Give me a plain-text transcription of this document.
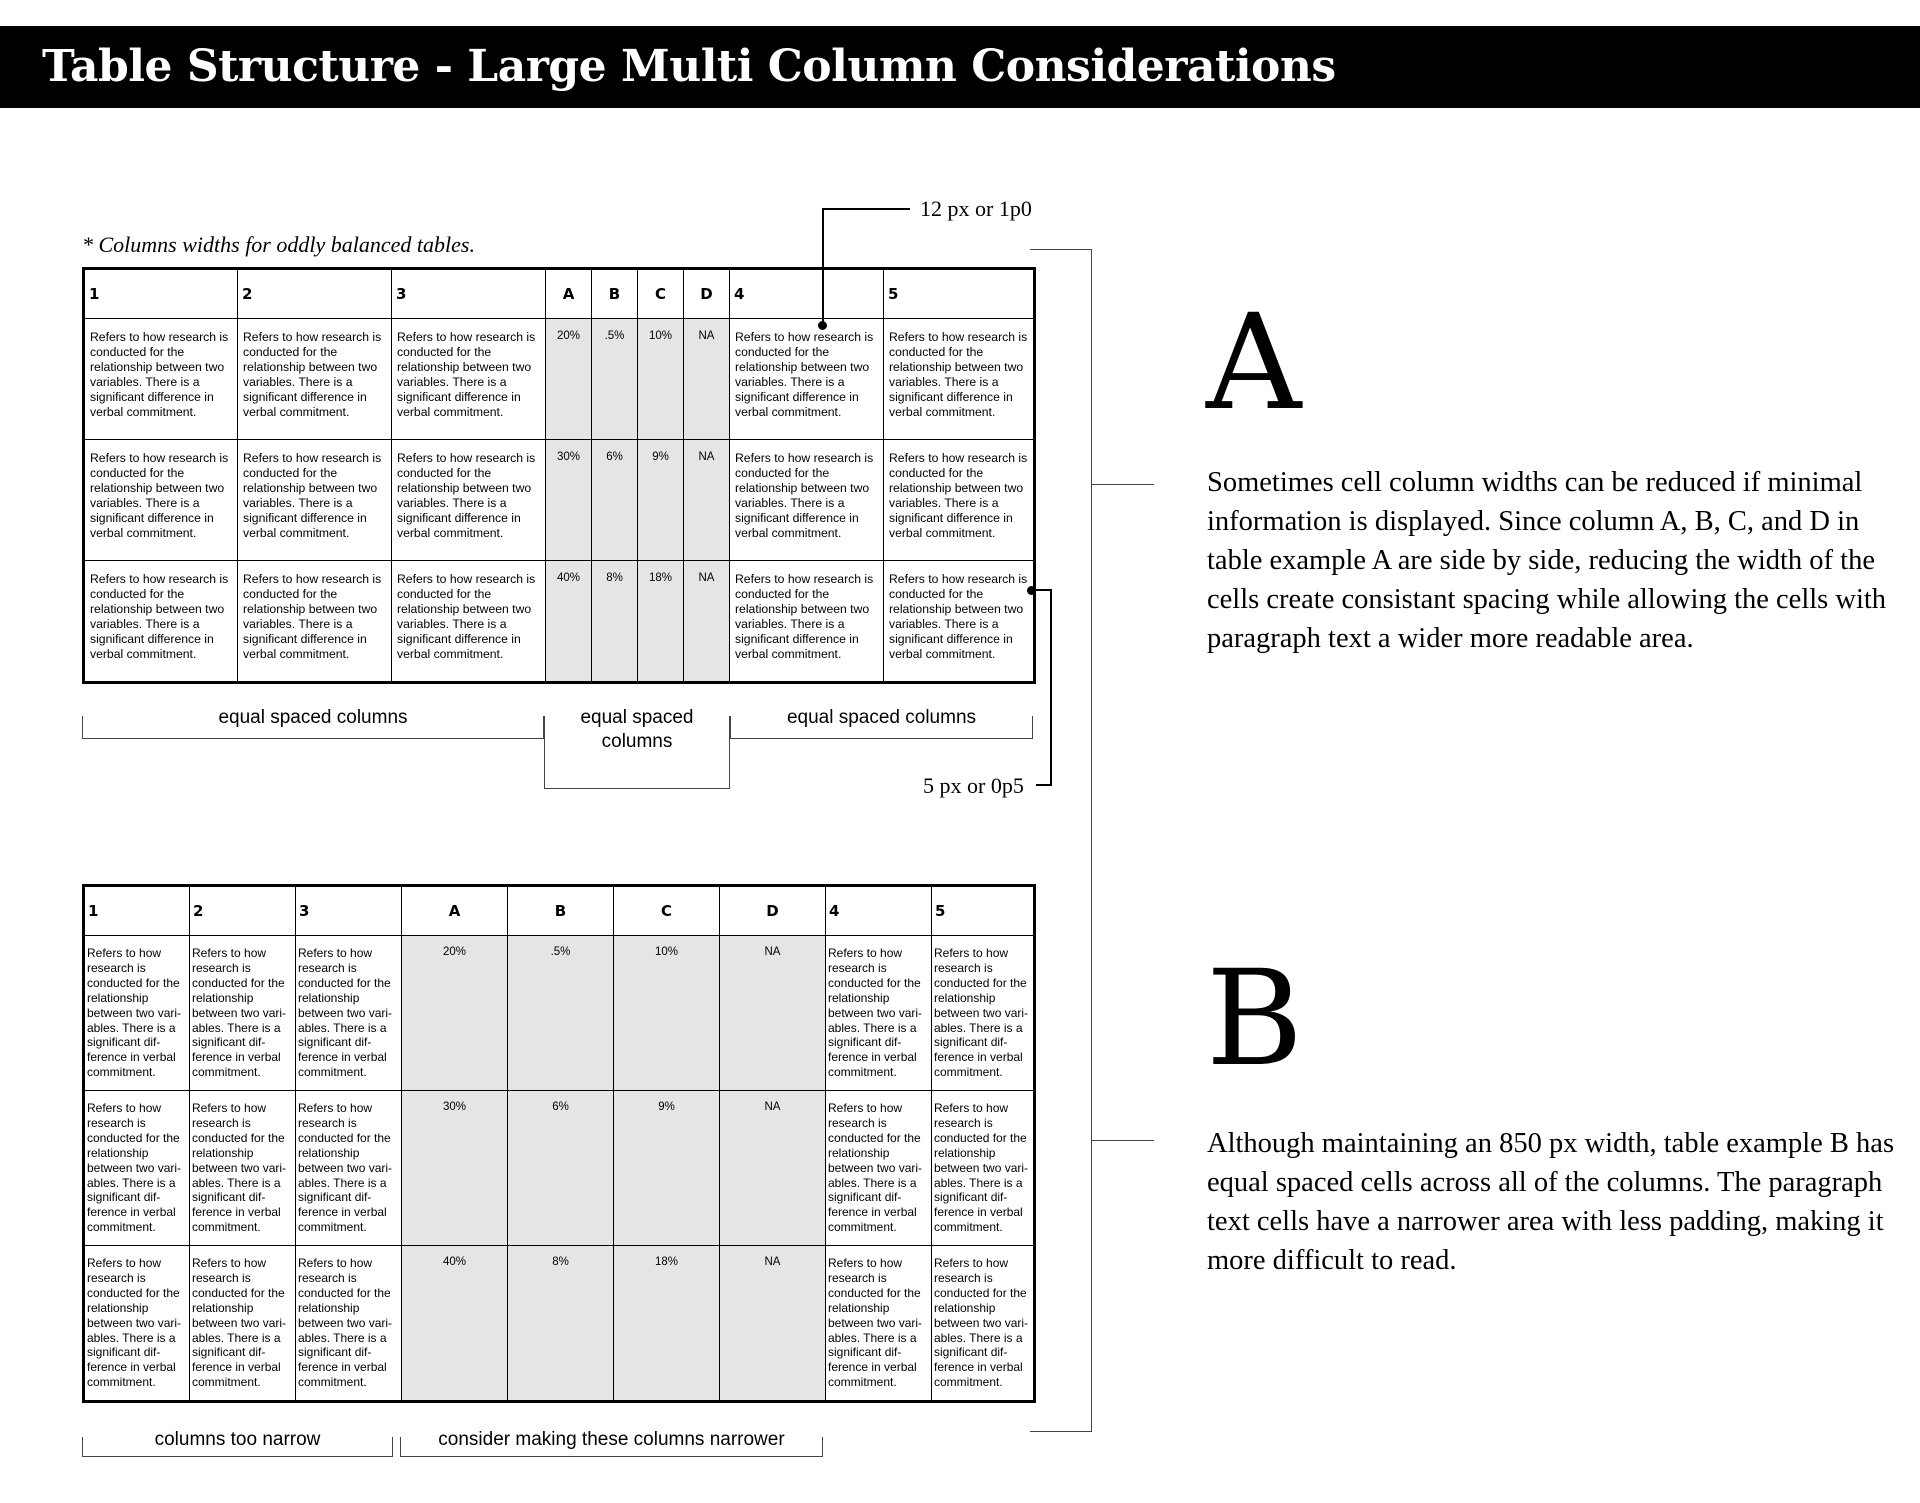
Table Structure - Large Multi Column Considerations
* Columns widths for oddly balanced tables.
1	2	3	A	B	C	D	4	5
Refers to how research is conducted for the relationship between two variables. There is a significant difference in verbal commitment.	Refers to how research is conducted for the relationship between two variables. There is a significant difference in verbal commitment.	Refers to how research is conducted for the relationship between two variables. There is a significant difference in verbal commitment.	20%	.5%	10%	NA	Refers to how research is conducted for the relationship between two variables. There is a significant difference in verbal commitment.	Refers to how research is conducted for the relationship between two variables. There is a significant difference in verbal commitment.
Refers to how research is conducted for the relationship between two variables. There is a significant difference in verbal commitment.	Refers to how research is conducted for the relationship between two variables. There is a significant difference in verbal commitment.	Refers to how research is conducted for the relationship between two variables. There is a significant difference in verbal commitment.	30%	6%	9%	NA	Refers to how research is conducted for the relationship between two variables. There is a significant difference in verbal commitment.	Refers to how research is conducted for the relationship between two variables. There is a significant difference in verbal commitment.
Refers to how research is conducted for the relationship between two variables. There is a significant difference in verbal commitment.	Refers to how research is conducted for the relationship between two variables. There is a significant difference in verbal commitment.	Refers to how research is conducted for the relationship between two variables. There is a significant difference in verbal commitment.	40%	8%	18%	NA	Refers to how research is conducted for the relationship between two variables. There is a significant difference in verbal commitment.	Refers to how research is conducted for the relationship between two variables. There is a significant difference in verbal commitment.
equal spaced columns	equal spaced columns
equal spaced columns
12 px or 1p0
5 px or 0p5
1	2	3	A	B	C	D	4	5
Refers to how research is conducted for the relationship between two vari-ables. There is a significant dif-ference in verbal commitment.	Refers to how research is conducted for the relationship between two vari-ables. There is a significant dif-ference in verbal commitment.	Refers to how research is conducted for the relationship between two vari-ables. There is a significant dif-ference in verbal commitment.	20%	.5%	10%	NA	Refers to how research is conducted for the relationship between two vari-ables. There is a significant dif-ference in verbal commitment.	Refers to how research is conducted for the relationship between two vari-ables. There is a significant dif-ference in verbal commitment.
Refers to how research is conducted for the relationship between two vari-ables. There is a significant dif-ference in verbal commitment.	Refers to how research is conducted for the relationship between two vari-ables. There is a significant dif-ference in verbal commitment.	Refers to how research is conducted for the relationship between two vari-ables. There is a significant dif-ference in verbal commitment.	30%	6%	9%	NA	Refers to how research is conducted for the relationship between two vari-ables. There is a significant dif-ference in verbal commitment.	Refers to how research is conducted for the relationship between two vari-ables. There is a significant dif-ference in verbal commitment.
Refers to how research is conducted for the relationship between two vari-ables. There is a significant dif-ference in verbal commitment.	Refers to how research is conducted for the relationship between two vari-ables. There is a significant dif-ference in verbal commitment.	Refers to how research is conducted for the relationship between two vari-ables. There is a significant dif-ference in verbal commitment.	40%	8%	18%	NA	Refers to how research is conducted for the relationship between two vari-ables. There is a significant dif-ference in verbal commitment.	Refers to how research is conducted for the relationship between two vari-ables. There is a significant dif-ference in verbal commitment.
columns too narrow	consider making these columns narrower
A
Sometimes cell column widths can be reduced if minimal information is displayed. Since column A, B, C, and D in table example A are side by side, reducing the width of the cells create consistant spacing while allowing the cells with paragraph text a wider more readable area.
B
Although maintaining an 850 px width, table example B has equal spaced cells across all of the columns. The paragraph text cells have a narrower area with less padding, making it more difficult to read.
